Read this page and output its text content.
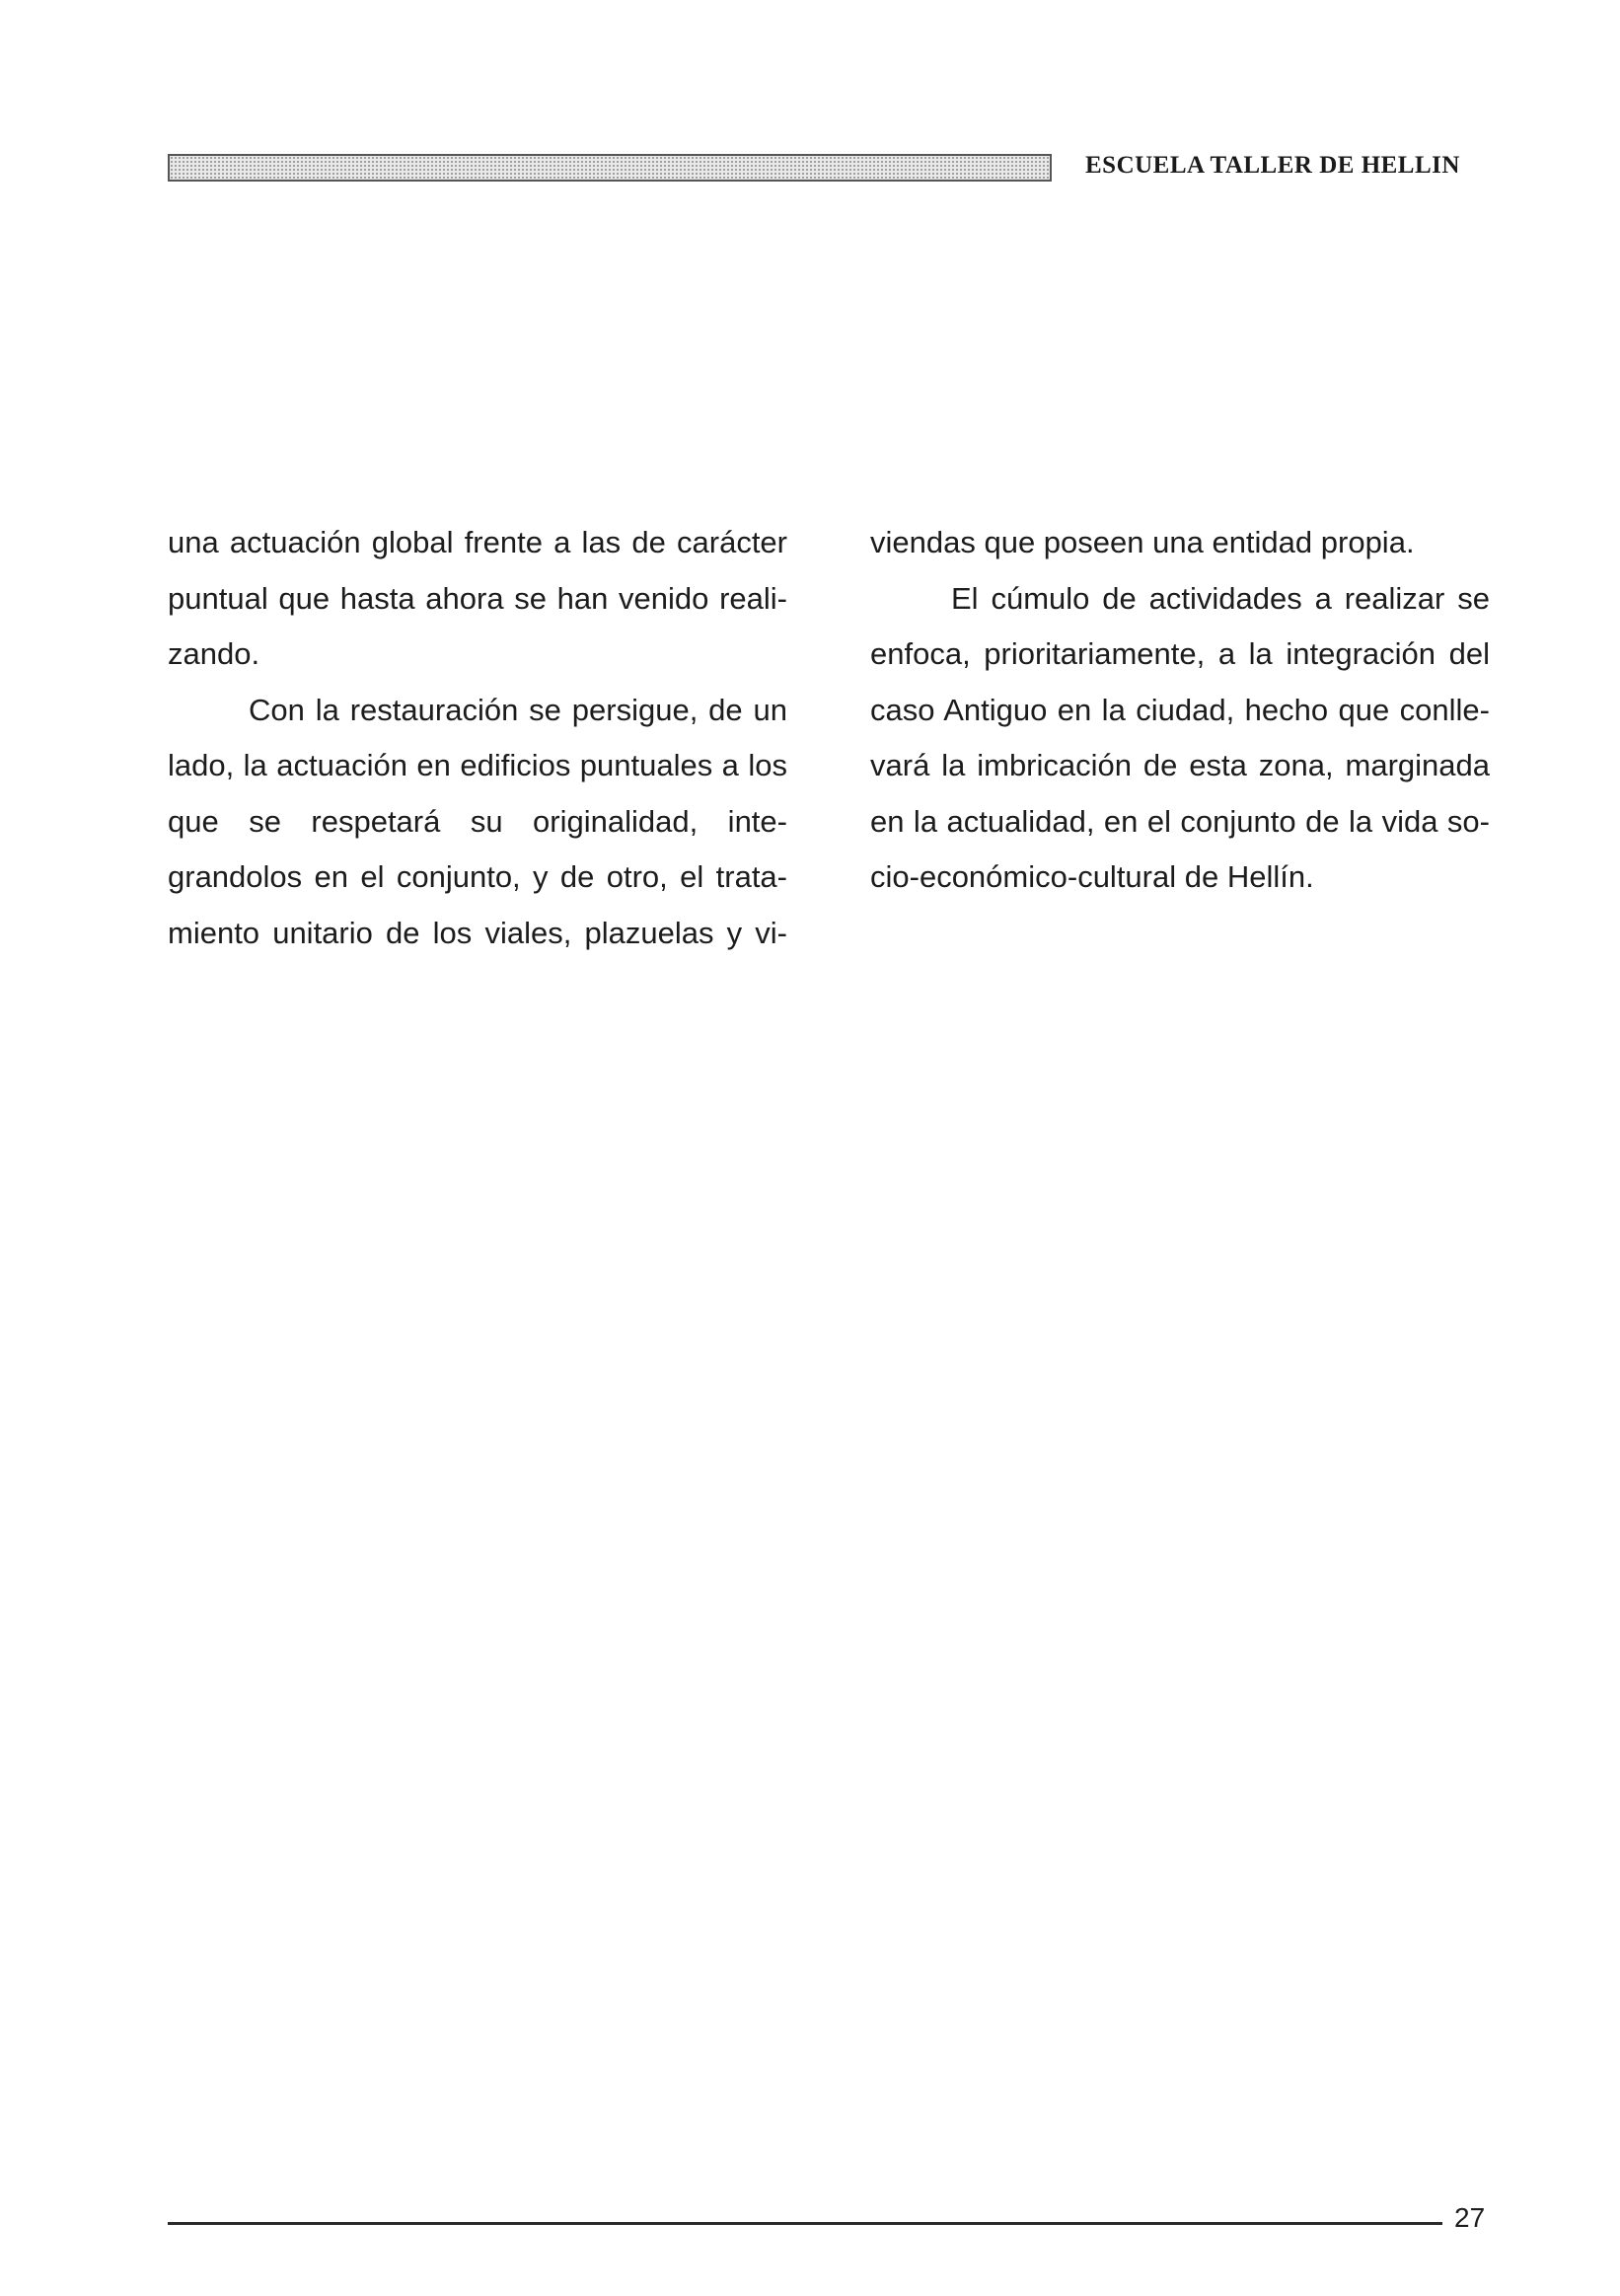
ESCUELA TALLER DE HELLIN

una actuación global frente a las de carácter puntual que hasta ahora se han venido reali-zando.

Con la restauración se persigue, de un lado, la actuación en edificios puntuales a los que se respetará su originalidad, inte-grandolos en el conjunto, y de otro, el trata-miento unitario de los viales, plazuelas y vi-

viendas que poseen una entidad propia.

El cúmulo de actividades a realizar se enfoca, prioritariamente, a la integración del caso Antiguo en la ciudad, hecho que conlle-vará la imbricación de esta zona, marginada en la actualidad, en el conjunto de la vida so-cio-económico-cultural de Hellín.

27
